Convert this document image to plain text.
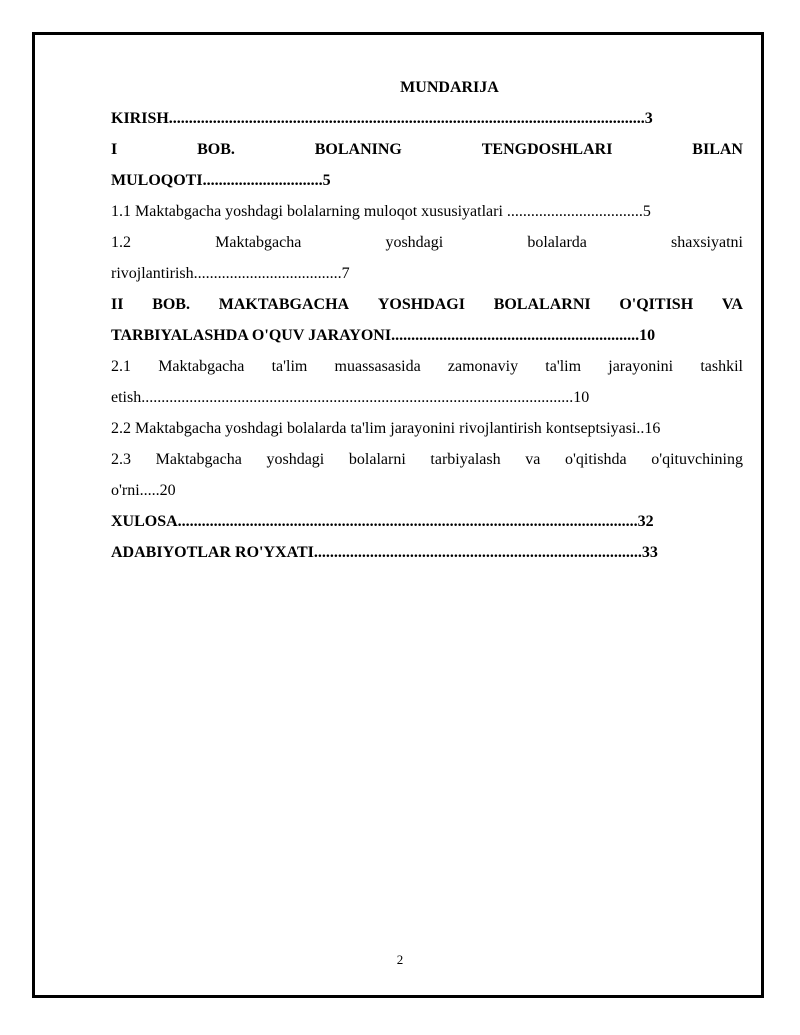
MUNDARIJA
KIRISH.......................................................................................................................3
I	BOB.	BOLANING	TENGDOSHLARI	BILAN
MULOQOTI..............................5
1.1 Maktabgacha yoshdagi bolalarning muloqot xususiyatlari ..................................5
1.2	Maktabgacha	yoshdagi	bolalarda	shaxsiyatni
rivojlantirish.....................................7
II BOB. MAKTABGACHA YOSHDAGI BOLALARNI O'QITISH VA
TARBIYALASHDA O'QUV JARAYONI..............................................................10
2.1 Maktabgacha ta'lim muassasasida zamonaviy ta'lim jarayonini tashkil
etish............................................................................................................10
2.2 Maktabgacha yoshdagi bolalarda ta'lim jarayonini rivojlantirish kontseptsiyasi..16
2.3 Maktabgacha yoshdagi bolalarni tarbiyalash va o'qitishda o'qituvchining
o'rni.....20
XULOSA...................................................................................................................32
ADABIYOTLAR RO'YXATI..................................................................................33
2
